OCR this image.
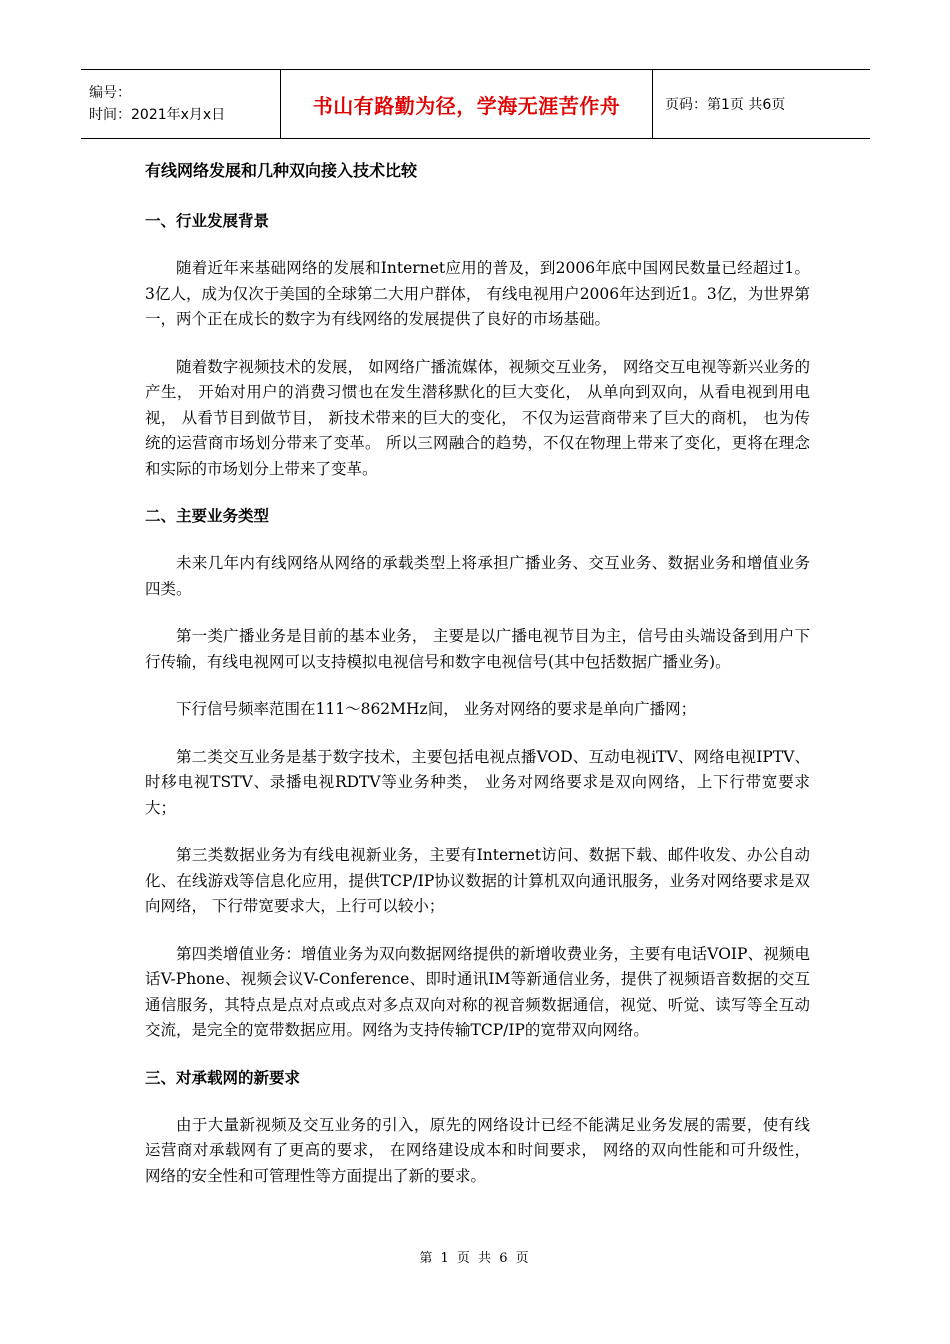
编号：
时间：2021年x月x日	书山有路勤为径，学海无涯苦作舟	页码：第1页 共6页
有线网络发展和几种双向接入技术比较
一、行业发展背景

随着近年来基础网络的发展和Internet应用的普及，到2006年底中国网民数量已经超过1。3亿人，成为仅次于美国的全球第二大用户群体， 有线电视用户2006年达到近1。3亿，为世界第一，两个正在成长的数字为有线网络的发展提供了良好的市场基础。

随着数字视频技术的发展， 如网络广播流媒体，视频交互业务， 网络交互电视等新兴业务的产生， 开始对用户的消费习惯也在发生潜移默化的巨大变化， 从单向到双向，从看电视到用电视， 从看节目到做节目， 新技术带来的巨大的变化， 不仅为运营商带来了巨大的商机， 也为传统的运营商市场划分带来了变革。 所以三网融合的趋势，不仅在物理上带来了变化，更将在理念和实际的市场划分上带来了变革。

二、主要业务类型

未来几年内有线网络从网络的承载类型上将承担广播业务、交互业务、数据业务和增值业务四类。

第一类广播业务是目前的基本业务， 主要是以广播电视节目为主，信号由头端设备到用户下行传输，有线电视网可以支持模拟电视信号和数字电视信号(其中包括数据广播业务)。

下行信号频率范围在111～862MHz间， 业务对网络的要求是单向广播网；

第二类交互业务是基于数字技术，主要包括电视点播VOD、互动电视iTV、网络电视IPTV、时移电视TSTV、录播电视RDTV等业务种类， 业务对网络要求是双向网络，上下行带宽要求大；

第三类数据业务为有线电视新业务，主要有Internet访问、数据下载、邮件收发、办公自动化、在线游戏等信息化应用，提供TCP/IP协议数据的计算机双向通讯服务，业务对网络要求是双向网络， 下行带宽要求大，上行可以较小；

第四类增值业务：增值业务为双向数据网络提供的新增收费业务，主要有电话VOIP、视频电话V-Phone、视频会议V-Conference、即时通讯IM等新通信业务，提供了视频语音数据的交互通信服务，其特点是点对点或点对多点双向对称的视音频数据通信，视觉、听觉、读写等全互动交流，是完全的宽带数据应用。网络为支持传输TCP/IP的宽带双向网络。

三、对承载网的新要求

由于大量新视频及交互业务的引入，原先的网络设计已经不能满足业务发展的需要，使有线运营商对承载网有了更高的要求， 在网络建设成本和时间要求， 网络的双向性能和可升级性， 网络的安全性和可管理性等方面提出了新的要求。

第 1 页 共 6 页
